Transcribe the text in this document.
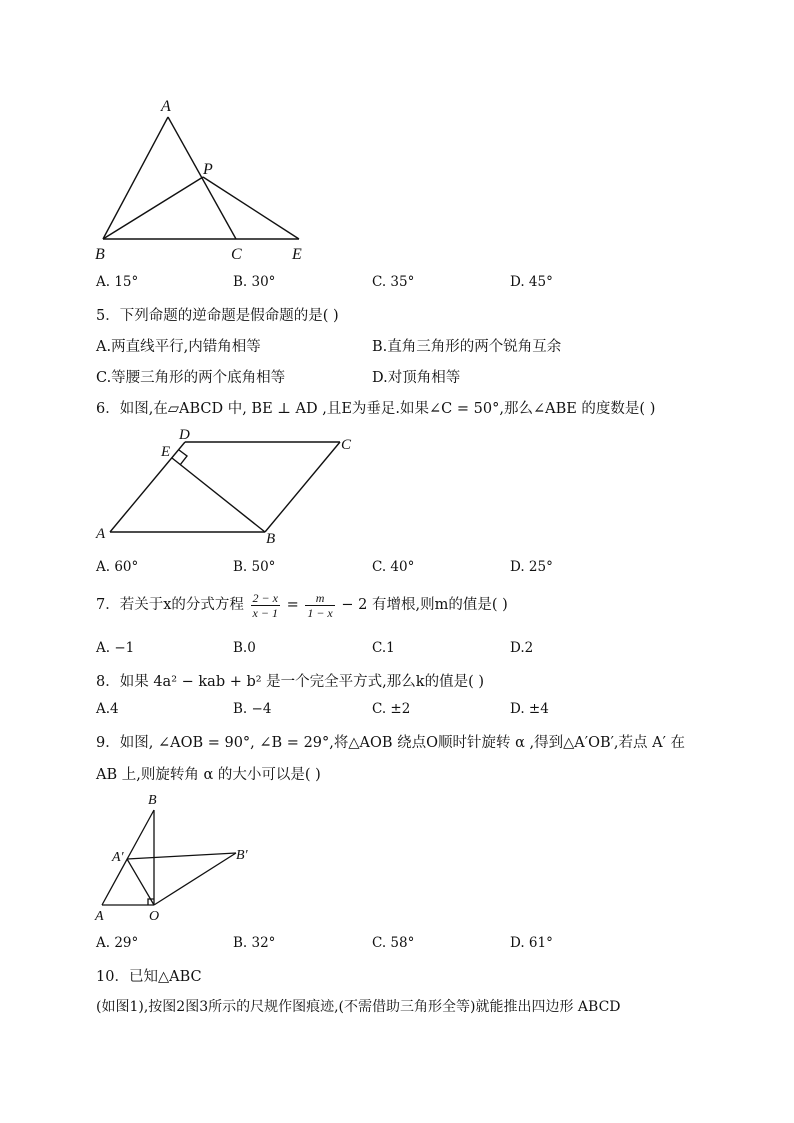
A
P
B	C	E
A. 15°	B. 30°	C. 35°	D. 45°
5．下列命题的逆命题是假命题的是( )
A.两直线平行,内错角相等	B.直角三角形的两个锐角互余
C.等腰三角形的两个底角相等	D.对顶角相等
6．如图,在▱ABCD 中, BE ⊥ AD ,且E为垂足.如果∠C = 50°,那么∠ABE 的度数是( )
D
C
E
A	B
A. 60°	B. 50°	C. 40°	D. 25°
7．若关于x的分式方程 $\frac{2 - x}{x - 1} = \frac{m}{1 - x} - 2$ 有增根,则m的值是( )
A. −1	B.0	C.1	D.2
8．如果 4a² − kab + b² 是一个完全平方式,那么k的值是( )
A.4	B. −4	C. ±2	D. ±4
9．如图, ∠AOB = 90°, ∠B = 29°,将△AOB 绕点O顺时针旋转 α ,得到△A′OB′,若点 A′ 在
AB 上,则旋转角 α 的大小可以是( )
B
A′	B′
A	O
A. 29°	B. 32°	C. 58°	D. 61°
10．已知△ABC
(如图1),按图2图3所示的尺规作图痕迹,(不需借助三角形全等)就能推出四边形 ABCD
